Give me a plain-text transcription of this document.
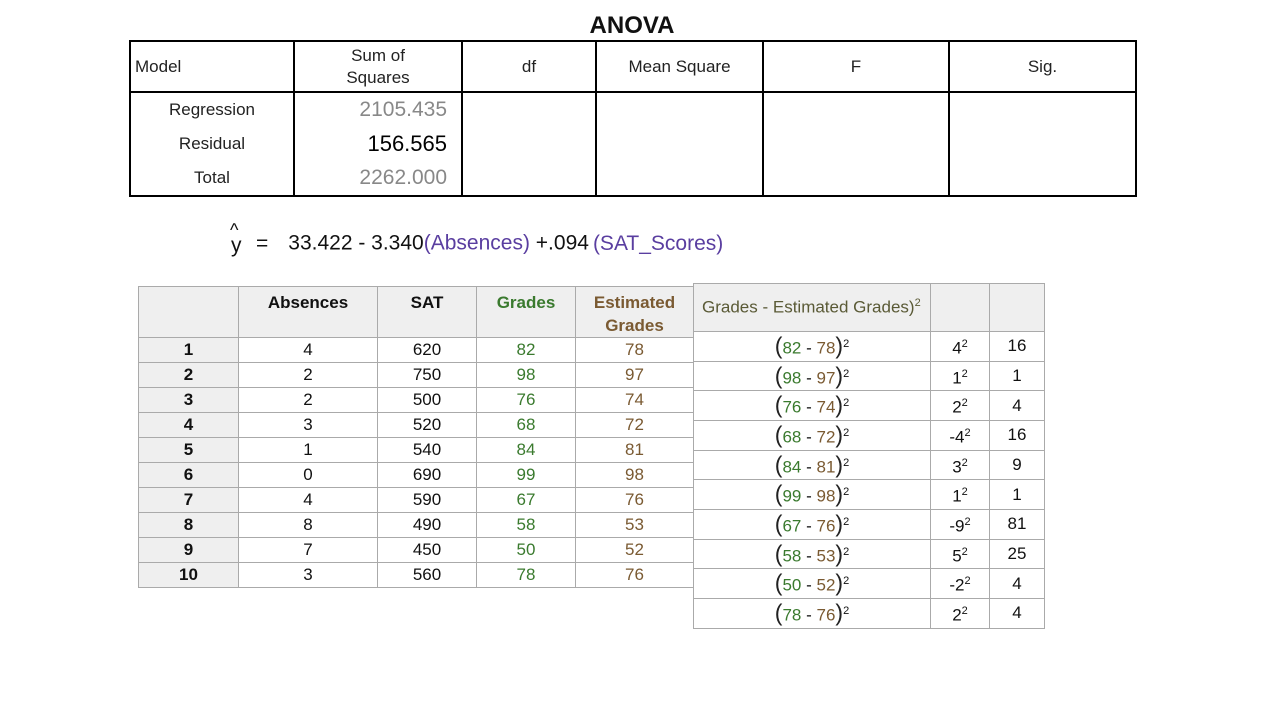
ANOVA
Model	Sum of Squares	df	Mean Square	F	Sig.
Regression	2105.435				
Residual	156.565				
Total	2262.000				
^
y = 33.422 - 3.340(Absences) +.094 (SAT_Scores)
	Absences	SAT	Grades	Estimated Grades
1	4	620	82	78
2	2	750	98	97
3	2	500	76	74
4	3	520	68	72
5	1	540	84	81
6	0	690	99	98
7	4	590	67	76
8	8	490	58	53
9	7	450	50	52
10	3	560	78	76
Grades - Estimated Grades)$^2$		
(82 - 78)$^2$	$4^2$	16
(98 - 97)$^2$	$1^2$	1
(76 - 74)$^2$	$2^2$	4
(68 - 72)$^2$	$-4^2$	16
(84 - 81)$^2$	$3^2$	9
(99 - 98)$^2$	$1^2$	1
(67 - 76)$^2$	$-9^2$	81
(58 - 53)$^2$	$5^2$	25
(50 - 52)$^2$	$-2^2$	4
(78 - 76)$^2$	$2^2$	4
